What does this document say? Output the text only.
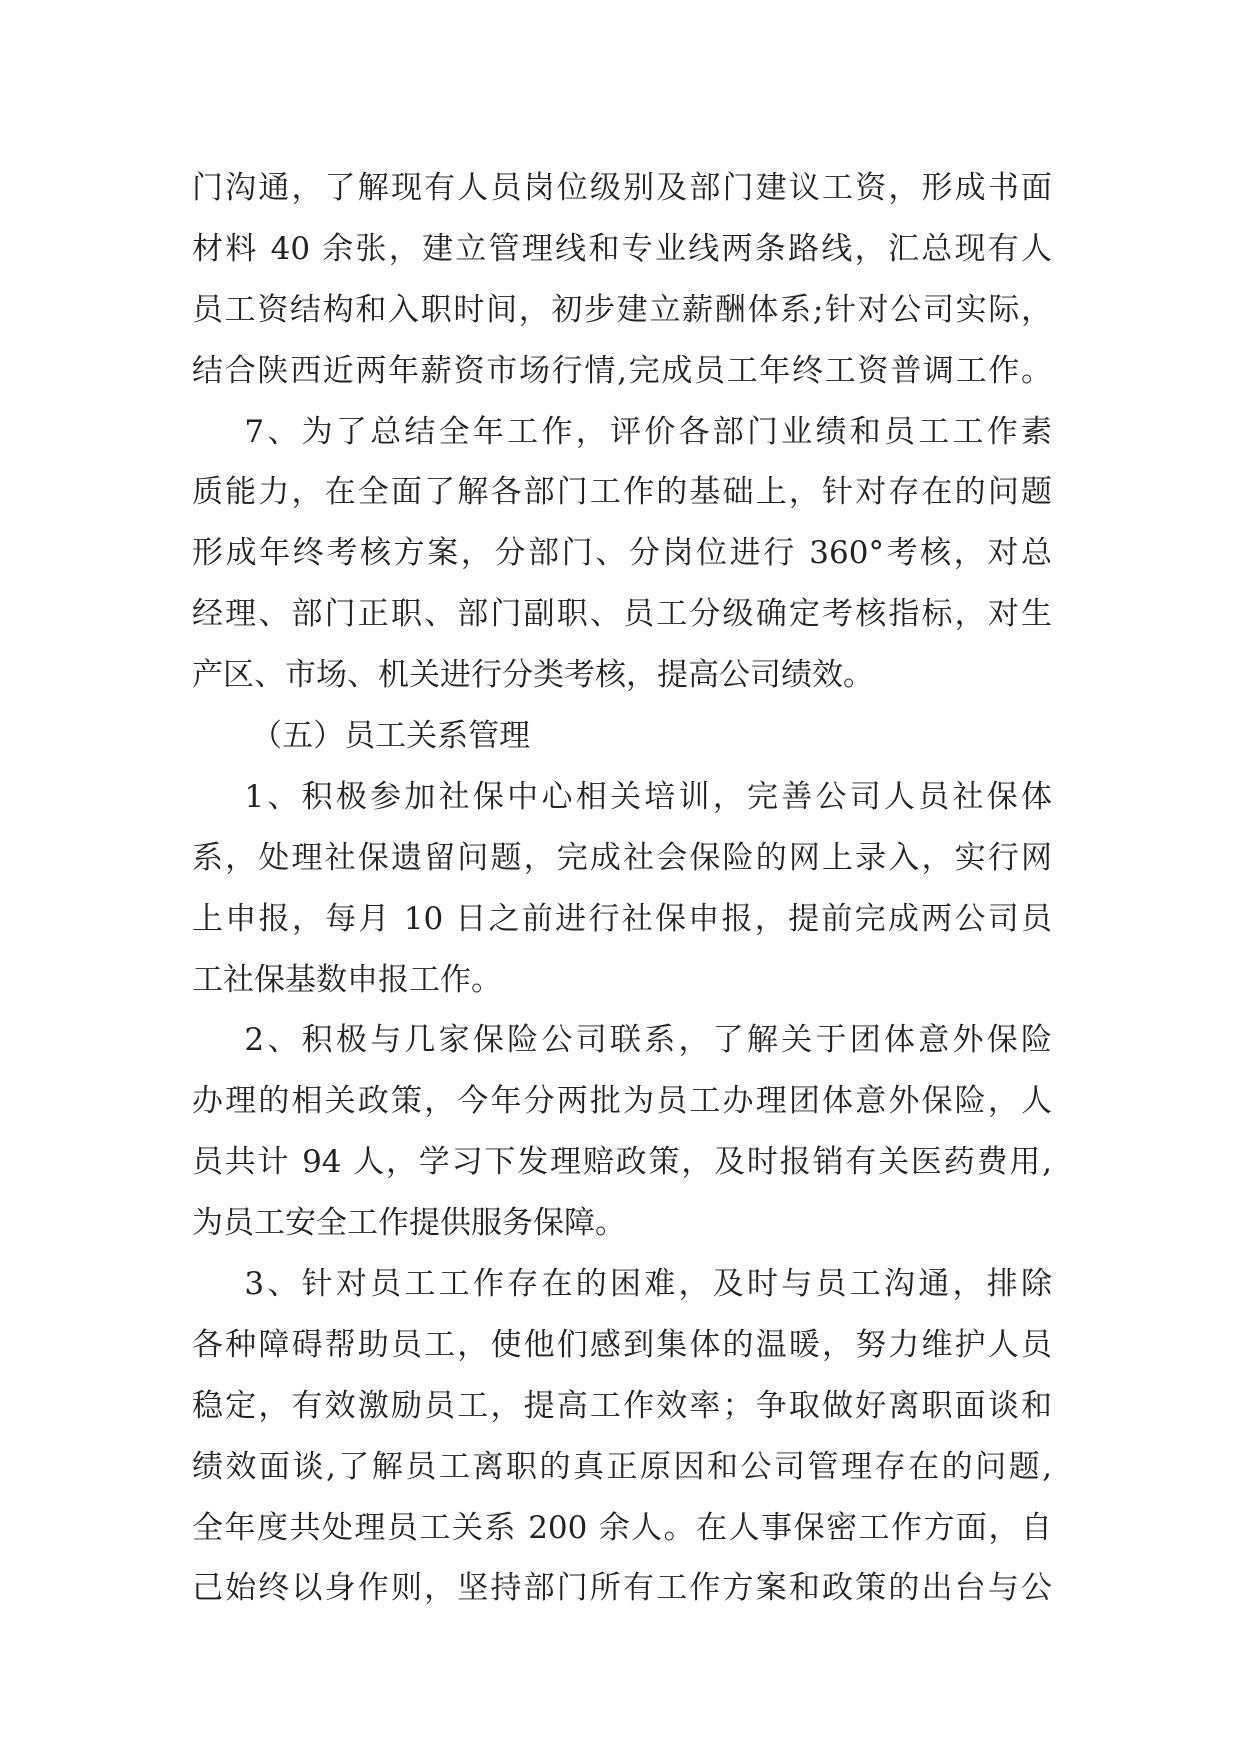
门沟通，了解现有人员岗位级别及部门建议工资，形成书面
材料 40 余张，建立管理线和专业线两条路线，汇总现有人
员工资结构和入职时间，初步建立薪酬体系;针对公司实际，
结合陕西近两年薪资市场行情,完成员工年终工资普调工作。
7、为了总结全年工作，评价各部门业绩和员工工作素
质能力，在全面了解各部门工作的基础上，针对存在的问题
形成年终考核方案，分部门、分岗位进行 360°考核，对总
经理、部门正职、部门副职、员工分级确定考核指标，对生
产区、市场、机关进行分类考核，提高公司绩效。
（五）员工关系管理
1、积极参加社保中心相关培训，完善公司人员社保体
系，处理社保遗留问题，完成社会保险的网上录入，实行网
上申报，每月 10 日之前进行社保申报，提前完成两公司员
工社保基数申报工作。
2、积极与几家保险公司联系，了解关于团体意外保险
办理的相关政策，今年分两批为员工办理团体意外保险，人
员共计 94 人，学习下发理赔政策，及时报销有关医药费用,
为员工安全工作提供服务保障。
3、针对员工工作存在的困难，及时与员工沟通，排除
各种障碍帮助员工，使他们感到集体的温暖，努力维护人员
稳定，有效激励员工，提高工作效率；争取做好离职面谈和
绩效面谈,了解员工离职的真正原因和公司管理存在的问题,
全年度共处理员工关系 200 余人。在人事保密工作方面，自
己始终以身作则，坚持部门所有工作方案和政策的出台与公
